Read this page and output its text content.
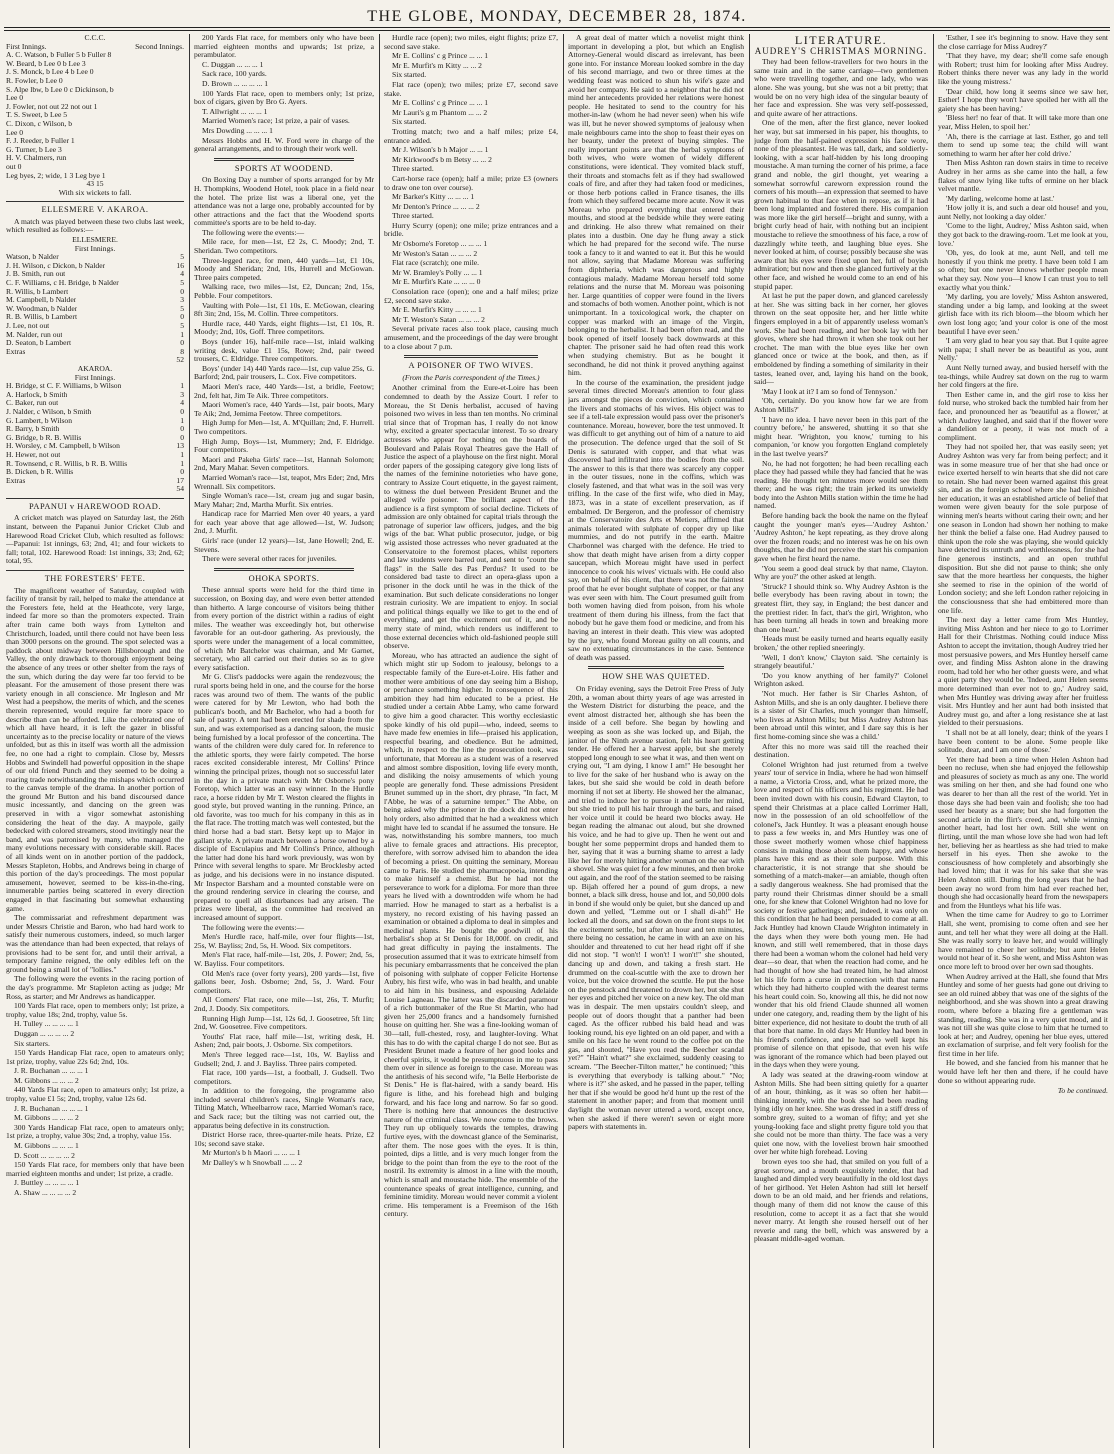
THE GLOBE, MONDAY, DECEMBER 28, 1874.
C.C.C.
First Innings.	Second Innings.
A. C. Watson, b Fuller 5 b Fuller 8
W. Beard, b Lee 0 b Lee 3
J. S. Monck, b Lee 4 b Lee 0
R. Fowler, b Lee 0
S. Alpe lbw, b Lee 0 c Dickinson, b
Lee 0
J. Fowler, not out 22 not out 1
T. S. Sweet, b Lee 5
C. Dixon, c Wilson, b
Lee 0
F. J. Reeder, b Fuller 1
G. Turner, b Lee 3
H. V. Chalmers, run
out 0
Leg byes, 2; wide, 1 3 Leg bye 1
43 15
With six wickets to fall.
ELLESMERE V. AKAROA.

A match was played between these two clubs last week, which resulted as follows:—

ELLESMERE.
First Innings.
Watson, b Nalder	5
J. H. Wilson, c Dickon, b Nalder	16
J. B. Smith, run out	4
C. F. Williams, c H. Bridge, b Nalder	5
R. Willis, b Lambert	0
M. Campbell, b Nalder	3
W. Woodman, b Nalder	5
R. B. Willis, b Lambert	0
J. Lee, not out	5
M. Nalder, run out	1
D. Seaton, b Lambert	0
Extras	8
52
AKAROA.
First Innings.
H. Bridge, st C. F. Williams, b Wilson	1
A. Harlock, b Smith	3
C. Baker, run out	4
J. Nalder, c Wilson, b Smith	0
G. Lambert, b Wilson	1
R. Barry, b Smith	0
G. Bridge, b R. B. Willis	0
H. Worsley, c M. Campbell, b Wilson	13
H. Hewer, not out	1
R. Townsend, c R. Willis, b R. B. Willis	1
B. Dicken, b R. Willis	0
Extras	17
54
PAPANUI v HAREWOOD ROAD.

A cricket match was played on Saturday last, the 26th instant, between the Papanui Junior Cricket Club and Harewood Road Cricket Club, which resulted as follows:—Papanui: 1st innings, 63; 2nd, 41; and four wickets to fall; total, 102. Harewood Road: 1st innings, 33; 2nd, 62; total, 95.

THE FORESTERS' FETE.

The magnificent weather of Saturday, coupled with facility of transit by rail, helped to make the attendance at the Foresters fete, held at the Heathcote, very large, indeed far more so than the promoters expected. Train after train came both ways from Lyttelton and Christchurch, loaded, until there could not have been less than 3000 persons on the ground. The spot selected was a paddock about midway between Hillsborough and the Valley, the only drawback to thorough enjoyment being the absence of any trees or other shelter from the rays of the sun, which during the day were far too fervid to be pleasant. For the amusement of those present there was variety enough in all conscience. Mr Ingleson and Mr West had a peepshow, the merits of which, and the scenes therein represented, would require far more space to describe than can be afforded. Like the celebrated one of which all have heard, it is left the gazer in blissful uncertainty as to the precise locality or nature of the views unfolded, but as this in itself was worth all the admission fee, no one had a right to complain. Close by, Messrs Hobbs and Swindell had powerful opposition in the shape of our old friend Punch and they seemed to be doing a roaring trade notwithstanding the mishaps which occurred to the canvas temple of the drama. In another portion of the ground Mr Button and his band discoursed dance music incessantly, and dancing on the green was preserved in with a vigor somewhat astonishing considering the heat of the day. A maypole, gaily bedecked with colored streamers, stood invitingly near the band, and was patronised by many, who managed the many evolutions necessary with considerable skill. Races of all kinds went on in another portion of the paddock, Messrs Stapleton, Hobbs, and Andrews being in charge of this portion of the day's proceedings. The most popular amusement, however, seemed to be kiss-in-the-ring, innumerable parties being scattered in every direction engaged in that fascinating but somewhat exhausting game.

The commissariat and refreshment department was under Messrs Christie and Baron, who had hard work to satisfy their numerous customers, indeed, so much larger was the attendance than had been expected, that relays of provisions had to be sent for, and until their arrival, a temporary famine reigned, the only edibles left on the ground being a small lot of "lollies."

The following were the events in the racing portion of the day's programme. Mr Stapleton acting as judge; Mr Ross, as starter; and Mr Andrews as handicapper.

100 Yards Flat race, open to members only; 1st prize, a trophy, value 18s; 2nd, trophy, value 5s.

H. Tulley ... ... ... ... 1

Duggan ... ... ... ... 2

Six starters.

150 Yards Handicap Flat race, open to amateurs only; 1st prize, trophy, value 22s 6d; 2nd, 10s.

J. R. Buchanan ... ... ... 1

M. Gibbons ... ... ... 2

440 Yards Flat race, open to amateurs only; 1st prize, a trophy, value £1 5s; 2nd, trophy, value 12s 6d.

J. R. Buchanan ... ... ... 1

M. Gibbons ... ... ... 2

300 Yards Handicap Flat race, open to amateurs only; 1st prize, a trophy, value 30s; 2nd, a trophy, value 15s.

M. Gibbons ... ... ... 1

D. Scott ... ... ... ... 2

150 Yards Flat race, for members only that have been married eighteen months and under; 1st prize, a cradle.

J. Buttley ... ... ... ... 1

A. Shaw ... ... ... ... 2

200 Yards Flat race, for members only who have been married eighteen months and upwards; 1st prize, a perambulator.

C. Duggan ... ... ... 1

Sack race, 100 yards.

D. Brown ... ... ... ... 1

100 Yards Flat race, open to members only; 1st prize, box of cigars, given by Bro G. Ayers.

T. Allwright ... ... ... 1

Married Women's race; 1st prize, a pair of vases.

Mrs Dowding ... ... ... 1

Messrs Hobbs and H. W. Ford were in charge of the general arrangements, and to through their work well.

SPORTS AT WOODEND.

On Boxing Day a number of sports arranged for by Mr H. Thompkins, Woodend Hotel, took place in a field near the hotel. The prize list was a liberal one, yet the attendance was not a large one, probably accounted for by other attractions and the fact that the Woodend sports committee's sports are to be held to-day.

The following were the events:—

Mile race, for men—1st, £2 2s, C. Moody; 2nd, T. Sheridan. Two competitors.

Three-legged race, for men, 440 yards—1st, £1 10s, Moody and Sheridan; 2nd, 10s, Hurrell and McGowan. Three pairs competed.

Walking race, two miles—1st, £2, Duncan; 2nd, 15s, Pebble. Four competitors.

Vaulting with Pole—1st, £1 10s, E. McGowan, clearing 8ft 3in; 2nd, 15s, M. Collin. Three competitors.

Hurdle race, 440 Yards, eight flights—1st, £1 10s, R. Moody; 2nd, 10s, Goff. Three competitors.

Boys (under 16), half-mile race—1st, inlaid walking writing desk, value £1 15s, Rowe; 2nd, pair tweed trousers, C. Eldridge. Three competitors.

Boys' (under 14) 440 Yards race—1st, cup value 25s, G. Barford; 2nd, pair trousers, L. Cox. Five competitors.

Maori Men's race, 440 Yards—1st, a bridle, Feetow; 2nd, felt hat, Jim Te Aik. Three competitors.

Maori Women's race, 440 Yards—1st, pair boots, Mary Te Aik; 2nd, Jemima Feetow. Three competitors.

High Jump for Men—1st, A. M'Quillan; 2nd, F. Hurrell. Two competitors.

High Jump, Boys—1st, Mummery; 2nd, F. Eldridge. Four competitors.

Maori and Pakeha Girls' race—1st, Hannah Solomon; 2nd, Mary Mahar. Seven competitors.

Married Woman's race—1st, teapot, Mrs Eder; 2nd, Mrs Wrennall. Six competitors.

Single Woman's race—1st, cream jug and sugar basin, Mary Mahar; 2nd, Martha Murfit. Six entries.

Handicap race for Married Men over 40 years, a yard for each year above that age allowed—1st, W. Judson; 2nd, J. Murfit.

Girls' race (under 12 years)—1st, Jane Howell; 2nd, E. Stevens.

There were several other races for juveniles.

OHOKA SPORTS.

These annual sports were held for the third time in succession, on Boxing day, and were even better attended than hitherto. A large concourse of visitors being thither from every portion of the district within a radius of eight miles. The weather was exceedingly hot, but otherwise favorable for an out-door gathering. As previously, the sports were under the management of a local committee, of which Mr Batchelor was chairman, and Mr Garnet, secretary, who all carried out their duties so as to give every satisfaction.

Mr G. Clist's paddocks were again the rendezvous; the rural sports being held in one, and the course for the horse races was around two of them. The wants of the public were catered for by Mr Lewton, who had both the publican's booth, and Mr Bachelor, who had a booth for sale of pastry. A tent had been erected for shade from the sun, and was extemporised as a dancing saloon, the music being furnished by a local professor of the concertina. The wants of the children were duly cared for. In reference to the athletic sports, they were fairly competed. The horse races excited considerable interest, Mr Collins' Prince winning the principal prizes, though not so successful later in the day in a private match with Mr Osborne's pony Foretop, which latter was an easy winner. In the Hurdle race, a horse ridden by Mr T. Weston cleared the flights in good style, but proved wanting in the running. Prince, an old favorite, was too much for his company in this as in the flat race. The trotting match was well contested, but the third horse had a bad start. Betsy kept up to Major in gallant style. A private match between a horse owned by a disciple of Esculapius and Mr Collins's Prince, although the latter had done his hard work previously, was won by Prince with several lengths to spare. Mr Brocklesby acted as judge, and his decisions were in no instance disputed. Mr Inspector Barsham and a mounted constable were on the ground rendering service in clearing the course, and prepared to quell all disturbances had any arisen. The prizes were liberal, as the committee had received an increased amount of support.

The following were the events:—

Men's Hurdle race, half-mile, over four flights—1st, 25s, W. Bayliss; 2nd, 5s, H. Wood. Six competitors.

Men's Flat race, half-mile—1st, 20s, J. Power; 2nd, 5s, W. Bayliss. Four competitors.

Old Men's race (over forty years), 200 yards—1st, five gallons beer, Josh. Osborne; 2nd, 5s, J. Ward. Four competitors.

All Comers' Flat race, one mile—1st, 26s, T. Murfit; 2nd, J. Doody. Six competitors.

Running High Jump—1st, 12s 6d, J. Goosetree, 5ft 1in; 2nd, W. Goosetree. Five competitors.

Youths' Flat race, half mile—1st, writing desk, H. Ashen; 2nd, pair boots, J. Osborne. Six competitors.

Men's Three legged race—1st, 10s, W. Bayliss and Gudsell; 2nd, J. and J. Bayliss. Three pairs competed.

Flat race, 100 yards—1st, a football, J. Gudsell. Two competitors.

In addition to the foregoing, the programme also included several children's races, Single Woman's race, Tilting Match, Wheelbarrow race, Married Woman's race, and Sack race; but the tilting was not carried out, the apparatus being defective in its construction.

District Horse race, three-quarter-mile heats. Prize, £2 10s; second save stake.

Mr Murton's b h Maori ... ... ... 1

Mr Dalley's w h Snowball ... ... 2

Hurdle race (open); two miles, eight flights; prize £7, second save stake.

Mr E. Collins' c g Prince ... ... 1

Mr E. Murfit's m Kitty ... ... 2

Six started.

Flat race (open); two miles; prize £7, second save stake.

Mr E. Collins' c g Prince ... ... 1

Mr Lauri's g m Phantom ... ... 2

Six started.

Trotting match; two and a half miles; prize £4, entrance added.

Mr J. Wilson's b h Major ... ... 1

Mr Kirkwood's b m Betsy ... ... 2

Three started.

Cart-horse race (open); half a mile; prize £3 (owners to draw one ton over course).

Mr Barker's Kitty ... ... ... 1

Mr Denton's Prince ... ... ... 2

Three started.

Hurry Scurry (open); one mile; prize entrances and a bridle.

Mr Osborne's Foretop ... ... ... 1

Mr Weston's Satan ... ... ... 2

Flat race (scratch); one mile.

Mr W. Bramley's Polly ... ... 1

Mr E. Murfit's Kate ... ... ... 0

Consolation race (open); one and a half miles; prize £2, second save stake.

Mr E. Murfit's Kitty ... ... ... 1

Mr T. Weston's Satan ... ... ... 2

Several private races also took place, causing much amusement, and the proceedings of the day were brought to a close about 7 p.m.

A POISONER OF TWO WIVES.
(From the Paris correspondent of the Times.)

Another criminal from the Eure-et-Loire has been condemned to death by the Assize Court. I refer to Moreau, the St Denis herbalist, accused of having poisoned two wives in less than ten months. No criminal trial since that of Tropman has, I really do not know why, excited a greater spectacular interest. To so dreary actresses who appear for nothing on the boards of Boulevard and Palais Royal Theatres gave the Hall of Justice the aspect of a playhouse on the first night. Moral order papers of the gossiping category give long lists of the names of the feminine notorieties who have gone, contrary to Assize Court etiquette, in the gayest raiment, to witness the duel between President Brunet and the alleged wife poisoner. The brilliant aspect of the audience is a first symptom of social decline. Tickets of admission are only obtained for capital trials through the patronage of superior law officers, judges, and the big wigs of the bar. What public prosecutor, judge, or big wig assisted those actresses who never graduated at the Conservatoire to the foremost places, whilst reporters and law students were barred out, and sent to "count the flags" in the Salle des Pas Perdus? It used to be considered bad taste to direct an opera-glass upon a prisoner in the dock until he was in the thick of the examination. But such delicate considerations no longer restrain curiosity. We are impatient to enjoy. In social and political things equally we like to get to the end of everything, and get the excitement out of it, and be merry state of mind, which renders us indifferent to those external decencies which old-fashioned people still observe.

Moreau, who has attracted an audience the sight of which might stir up Sodom to jealousy, belongs to a respectable family of the Eure-et-Loire. His father and mother were ambitious of one day seeing him a Bishop, or perchance something higher. In consequence of this ambition they had him educated to be a priest. He studied under a certain Abbe Lamy, who came forward to give him a good character. This worthy ecclesiastic spoke kindly of his old pupil—who, indeed, seems to have made few enemies in life—praised his application, respectful bearing, and obedience. But he admitted, which, in respect to the line the prosecution took, was unfortunate, that Moreau as a student was of a reserved and almost sombre disposition, loving life every month, and disliking the noisy amusements of which young people are generally fond. These admissions President Brunet summed up in the short, dry phrase, "In fact, M l'Abbe, he was of a saturnine temper." The Abbe, on being asked why the prisoner in the dock did not enter holy orders, also admitted that he had a weakness which might have led to scandal if he assumed the tonsure. He was, notwithstanding his sombre manners, too much alive to female graces and attractions. His preceptor, therefore, with sorrow advised him to abandon the idea of becoming a priest. On quitting the seminary, Moreau came to Paris. He studied the pharmacopoeia, intending to make himself a chemist. But he had not the perseverance to work for a diploma. For more than three years he lived with a downtrodden wife whom he had married. How he managed to start as a herbalist is a mystery, no record existing of his having passed an examination or obtained a diploma to deal in simples and medicinal plants. He bought the goodwill of his herbalist's shop at St Denis for 18,000f. on credit, and had great difficulty in paying the instalments. The prosecution assumed that it was to extricate himself from his pecuniary embarrassments that he conceived the plan of poisoning with sulphate of copper Felicite Hortense Aubry, his first wife, who was in bad health, and unable to aid him in his business, and espousing Adelaide Louise Lagneau. The latter was the discarded paramour of a rich buttonmaker of the Rue St Martin, who had given her 25,000 francs and a handsomely furnished house on quitting her. She was a fine-looking woman of 30—tall, full-chested, rosy, and laughter-loving. What this has to do with the capital charge I do not see. But as President Brunet made a feature of her good looks and cheerful spirits, it would be presumptuous in me to pass them over in silence as foreign to the case. Moreau was the antithesis of his second wife, "la Belle Herboriste de St Denis." He is flat-haired, with a sandy beard. His figure is lithe, and his forehead high and bulging forward, and his face long and narrow. So far so good. There is nothing here that announces the destructive nature of the criminal class. We now come to the brows. They run up obliquely towards the temples, drawing furtive eyes, with the downcast glance of the Seminarist, after them. The nose goes with the eyes. It is thin, pointed, dips a little, and is very much longer from the bridge to the point than from the eye to the root of the nostril. Its extremity is almost in a line with the mouth, which is small and moustache hide. The ensemble of the countenance speaks of great intelligence, cunning, and feminine timidity. Moreau would never commit a violent crime. His temperament is a Freemison of the 16th century.

A great deal of matter which a novelist might think important in developing a plot, but which an English Attorney-General would discard as irrelevant, has been gone into. For instance Moreau looked sombre in the day of his second marriage, and two or three times at the wedding feast was noticed to shun his wife's gaze and avoid her company. He said to a neighbor that he did not mind her antecedents provided her relations were honest people. He hesitated to send to the country for his mother-in-law (whom he had never seen) when his wife was ill, but he never showed symptoms of jealousy when male neighbours came into the shop to feast their eyes on her beauty, under the pretext of buying simples. The really important points are that the herbal symptoms of both wives, who were women of widely different constitutions, were identical. They vomited black stuff, their throats and stomachs felt as if they had swallowed coals of fire, and after they had taken food or medicines, or those herb potions called in France tisanes, the ills from which they suffered became more acute. Now it was Moreau who prepared everything that entered their mouths, and stood at the bedside while they were eating and drinking. He also threw what remained on their plates into a dustbin. One day he flung away a stick which he had prepared for the second wife. The nurse took a fancy to it and wanted to eat it. But this he would not allow, saying that Madame Moreau was suffering from diphtheria, which was dangerous and highly contagious malady. Madame Moreau herself told some relations and the nurse that M. Moreau was poisoning her. Large quantities of copper were found in the livers and stomachs of both women. Another point, which is not unimportant. In a toxicological work, the chapter on copper was marked with an image of the Virgin, belonging to the herbalist. It had been often read, and the book opened of itself loosely back downwards at this chapter. The prisoner said he had often read this work when studying chemistry. But as he bought it secondhand, he did not think it proved anything against him.

In the course of the examination, the president judge several times directed Moreau's attention to four glass jars amongst the pieces de conviction, which contained the livers and stomachs of his wives. His object was to see if a tell-tale expression would pass over the prisoner's countenance. Moreau, however, bore the test unmoved. It was difficult to get anything out of him of a nature to aid the prosecution. The defence urged that the soil of St Denis is saturated with copper, and that what was discovered had infiltrated into the bodies from the soil. The answer to this is that there was scarcely any copper in the outer tissues, none in the coffins, which was closely fastened, and that what was in the soil was very trifling. In the case of the first wife, who died in May, 1873, was in a state of excellent preservation, as if embalmed. Dr Bergeron, and the professor of chemistry at the Conservatoire des Arts et Metiers, affirmed that animals tolerated with sulphate of copper dry up like mummies, and do not putrify in the earth. Maitre Charbonnel was charged with the defence. He tried to show that death might have arisen from a dirty copper saucepan, which Moreau might have used in perfect innocence to cook his wives' victuals with. He could also say, on behalf of his client, that there was not the faintest proof that he ever bought sulphate of copper, or that any was ever seen with him. The Court presumed guilt from both women having died from poison, from his whole treatment of them during his illness, from the fact that nobody but he gave them food or medicine, and from his having an interest in their death. This view was adopted by the jury, who found Moreau guilty on all counts, and saw no extenuating circumstances in the case. Sentence of death was passed.

HOW SHE WAS QUIETED.

On Friday evening, says the Detroit Free Press of July 20th, a woman about thirty years of age was arrested in the Western District for disturbing the peace, and the event almost distracted her, although she has been the inside of a cell before. She began by howling and weeping as soon as she was locked up, and Bijah, the janitor of the Ninth avenue station, felt his heart getting tender. He offered her a harvest apple, but she merely stopped long enough to see what it was, and then went on crying out, "I am dying, I know I am!" He besought her to live for the sake of her husband who is away on the lakes, but she said she would be cold in death before morning if not set at liberty. He showed her the almanac, and tried to induce her to pursue it and settle her mind, but she tried to pull his hair through the bars, and raised her voice until it could be heard two blocks away. He began reading the almanac out aloud, but she drowned his voice, and he had to give up. Then he went out and bought her some peppermint drops and handed them to her, saying that it was a burning shame to arrest a lady like her for merely hitting another woman on the ear with a shovel. She was quiet for a few minutes, and then broke out again, and the roof of the station seemed to be raising up. Bijah offered her a pound of gum drops, a new bonnet, a black silk dress, house and lot, and 50,000 dols in bond if she would only be quiet, but she danced up and down and yelled, "Lemme out or I shall di-ah!" He locked all the doors, and sat down on the front steps to let the excitement settle, but after an hour and ten minutes, there being no cessation, he came in with an axe on his shoulder and threatened to cut her head right off if she did not stop. "I won't! I won't! I won't!" she shouted, dancing up and down, and taking a fresh start. He drummed on the coal-scuttle with the axe to drown her voice, but the voice drowned the scuttle. He put the hose on the penstock and threatened to drown her, but she shut her eyes and pitched her voice on a new key. The old man was in despair. The men upstairs couldn't sleep, and people out of doors thought that a panther had been caged. As the officer rubbed his bald head and was looking round, his eye lighted on an old paper, and with a smile on his face he went round to the coffee pot on the gas, and shouted, "Have you read the Beecher scandal yet?" "Hain't what?" she exclaimed, suddenly ceasing to scream. "The Beecher-Tilton matter," he continued; "this is everything that everybody is talking about." "No; where is it?" she asked, and he passed in the paper, telling her that if she would be good he'd hunt up the rest of the statement in another paper; and from that moment until daylight the woman never uttered a word, except once, when she asked if there weren't seven or eight more papers with statements in.

LITERATURE.
AUDREY'S CHRISTMAS MORNING.

They had been fellow-travellers for two hours in the same train and in the same carriage—two gentlemen who were travelling together, and one lady, who was alone. She was young, but she was not a bit pretty; that would be on no very high idea of the singular beauty of her face and expression. She was very self-possessed, and quite aware of her attractions.

One of the men, after the first glance, never looked her way, but sat immersed in his paper, his thoughts, to judge from the half-pained expression his face wore, none of the pleasantest. He was tall, dark, and soldierly-looking, with a scar half-hidden by his long drooping moustache. A man turning the corner of his prime, a face grand and noble, the girl thought, yet wearing a somewhat sorrowful careworn expression round the corners of his mouth—an expression that seemed to have grown habitual to that face when in repose, as if it had been long implanted and fostered there. His companion was more like the girl herself—bright and sunny, with a bright curly head of hair, with nothing but an incipient moustache to relieve the smoothness of his face, a row of dazzlingly white teeth, and laughing blue eyes. She never looked at him, of course; possibly because she was aware that his eyes were fixed upon her, full of boyish admiration; but now and then she glanced furtively at the other face, and wished he would come to an end of his stupid paper.

At last he put the paper down, and glanced carelessly at her. She was sitting back in her corner, her gloves thrown on the seat opposite her, and her little white fingers employed in a bit of apparently useless woman's work. She had been reading, and her book lay with her gloves, where she had thrown it when she took out her crochet. The man with the blue eyes like her own glanced once or twice at the book, and then, as if emboldened by finding a something of similarity in their tastes, leaned over, and, laying his hand on the book, said—

'May I look at it? I am so fond of Tennyson.'

'Oh, certainly. Do you know how far we are from Ashton Mills?'

'I have no idea. I have never been in this part of the country before,' he answered, shutting it so that she might hear. 'Wrighton, you know,' turning to his companion, 'or know you forgotten England completely in the last twelve years?'

No, he had not forgotten; he had been recalling each place they had passed while they had fancied that he was reading. He thought ten minutes more would see them there; and he was right; the train jerked its unwieldy body into the Ashton Mills station within the time he had named.

Before handing back the book the name on the flyleaf caught the younger man's eyes—'Audrey Ashton.' 'Audrey Ashton,' he kept repeating, as they drove along over the frozen roads; and no interest was he on his own thoughts, that he did not perceive the start his companion gave when he first heard the name.

'You seem a good deal struck by that name, Clayton. Why are you?' the other asked at length.

'Struck? I should think so. Why Audrey Ashton is the belle everybody has been raving about in town; the greatest flirt, they say, in England; the best dancer and the prettiest rider. In fact, that's the girl, Wrighton, who has been turning all heads in town and breaking more than one heart.'

'Heads must be easily turned and hearts equally easily broken,' the other replied sneeringly.

'Well, I don't know,' Clayton said. 'She certainly is strangely beautiful.'

'Do you know anything of her family?' Colonel Wrighton asked.

'Not much. Her father is Sir Charles Ashton, of Ashton Mills, and she is an only daughter. I believe there is a sister of Sir Charles, much younger than himself, who lives at Ashton Mills; but Miss Audrey Ashton has been abroad until this winter, and I dare say this is her first home-coming since she was a child.'

After this no more was said till the reached their destination.

Colonel Wrighton had just returned from a twelve years' tour of service in India, where he had won himself a name, a Victoria Cross, and, what he prized more, the love and respect of his officers and his regiment. He had been invited down with his cousin, Edward Clayton, to spend their Christmas at a place called Lorrimer Hall, now in the possession of an old schoolfellow of the colonel's, Jack Huntley. It was a pleasant enough house to pass a few weeks in, and Mrs Huntley was one of those sweet motherly women whose chief happiness consists in making those about them happy, and whose plans have this end as their sole purpose. With this characteristic, it is not strange that she should be something of a match-maker—an amiable, though often a sadly dangerous weakness. She had promised that the party round their Christmas dinner should be a small one, for she knew that Colonel Wrighton had no love for society or festive gatherings; and, indeed, it was only on this condition that he had been persuaded to come at all. Jack Huntley had known Claude Wrighton intimately in the days when they were both young men. He had known, and still well remembered, that in those days there had been a woman whom the colonel had held very dear—so dear, that when the reaction had come, and he had thought of how she had treated him, he had almost let his life form a curse in connection with that name which they had hitherto coupled with the dearest terms his heart could coin. So, knowing all this, he did not now wonder that his old friend Claude shunned all women under one category, and, reading them by the light of his bitter experience, did not hesitate to doubt the truth of all that bore that name. In old days Mr Huntley had been in his friend's confidence, and he had so well kept his promise of silence on that episode, that even his wife was ignorant of the romance which had been played out in the days when they were young.

A lady was seated at the drawing-room window at Ashton Mills. She had been sitting quietly for a quarter of an hour, thinking, as it was so often her habit—thinking intently, with the book she had been reading lying idly on her knee. She was dressed in a stiff dress of sombre grey, suited to a woman of fifty; and yet she young-looking face and slight pretty figure told you that she could not be more than thirty. The face was a very quiet one now, with the loveliest brown hair smoothed over her white high forehead. Loving

brown eyes too she had, that smiled on you full of a great sorrow, and a mouth exquisitely tender, that had laughed and dimpled very beautifully in the old lost days of her girlhood. Yet Helen Ashton had still let herself down to be an old maid, and her friends and relations, though many of them did not know the cause of this resolution, come to accept it as a fact that she would never marry. At length she roused herself out of her reverie and rang the bell, which was answered by a pleasant middle-aged woman.

'Esther, I see it's beginning to snow. Have they sent the close carriage for Miss Audrey?'

'That they have, my dear; she'll come safe enough with Robert; trust him for looking after Miss Audrey. Robert thinks there never was any lady in the world like the young mistress.'

'Dear child, how long it seems since we saw her, Esther! I hope they won't have spoiled her with all the gaiety she has been having.'

'Bless her! no fear of that. It will take more than one year, Miss Helen, to spoil her.'

'Ah, there is the carriage at last. Esther, go and tell them to send up some tea; the child will want something to warm her after her cold drive.'

Then Miss Ashton ran down stairs in time to receive Audrey in her arms as she came into the hall, a few flakes of snow lying like tufts of ermine on her black velvet mantle.

'My darling, welcome home at last.'

'How jolly it is, and such a dear old house! and you, aunt Nelly, not looking a day older.'

'Come to the light, Audrey,' Miss Ashton said, when they got back to the drawing-room. 'Let me look at you, love.'

'Oh, yes, do look at me, aunt Nell, and tell me honestly if you think me pretty. I have been told I am so often; but one never knows whether people mean what they say. Now you—I know I can trust you to tell exactly what you think.'

'My darling, you are lovely,' Miss Ashton answered, standing under a big lamp, and looking at the sweet girlish face with its rich bloom—the bloom which her own lost long ago; 'and your color is one of the most beautiful I have ever seen.'

'I am very glad to hear you say that. But I quite agree with papa; I shall never be as beautiful as you, aunt Nelly.'

Aunt Nelly turned away, and busied herself with the tea-things, while Audrey sat down on the rug to warm her cold fingers at the fire.

Then Esther came in, and the girl rose to kiss her fold nurse, who stroked back the tumbled hair from her face, and pronounced her as 'beautiful as a flower,' at which Audrey laughed, and said that if the flower were a dandelion or a peony, it was not much of a compliment.

They had not spoiled her, that was easily seen; yet Audrey Ashton was very far from being perfect; and it was in some measure true of her that she had once or twice exerted herself to win hearts that she did not care to retain. She had never been warned against this great sin, and as the foreign school where she had finished her education, it was an established article of belief that women were given beauty for the sole purpose of winning men's hearts without caring their own; and her one season in London had shown her nothing to make her think the belief a false one. Had Audrey paused to think upon the role she was playing, she would quickly have detected its untruth and worthlessness, for she had fine generous instincts, and an open truthful disposition. But she did not pause to think; she only saw that the more heartless her conquests, the higher she seemed to rise in the opinion of the world of London society; and she left London rather rejoicing in the consciousness that she had embittered more than one life.

The next day a letter came from Mrs Huntley, inviting Miss Ashton and her niece to go to Lorrimer Hall for their Christmas. Nothing could induce Miss Ashton to accept the invitation, though Audrey tried her most persuasive powers, and Mrs Huntley herself came over, and finding Miss Ashton alone in the drawing room, had told her who her other guests were, and what a quiet party they would be. 'Indeed, aunt Helen seems more determined than ever not to go,' Audrey said, when Mrs Huntley was driving away after her fruitless visit. Mrs Huntley and her aunt had both insisted that Audrey must go, and after a long resistance she at last yielded to their persuasions.

'I shall not be at all lonely, dear; think of the years I have been content to be alone. Some people like solitude, dear, and I am one of those.'

Yet there had been a time when Helen Ashton had been no recluse, when she had enjoyed the fellowship and pleasures of society as much as any one. The world was smiling on her then, and she had found one who was dearer to her than all the rest of the world. Yet in those days she had been vain and foolish; she too had used her beauty as a snare; but she had forgotten the second article in the flirt's creed, and, while winning another heart, had lost her own. Still she went on flirting, until the man whose love she had won had left her, believing her as heartless as she had tried to make herself in his eyes. Then she awoke to the consciousness of how completely and absorbingly she had loved him; that it was for his sake that she was Helen Ashton still. During the long years that he had been away no word from him had ever reached her, though she had occasionally heard from the newspapers and from the Huntleys what his life was.

When the time came for Audrey to go to Lorrimer Hall, she went, promising to come often and see her aunt, and tell her what they were all doing at the Hall. She was really sorry to leave her, and would willingly have remained to cheer her solitude; but aunt Helen would not hear of it. So she went, and Miss Ashton was once more left to brood over her own sad thoughts.

When Audrey arrived at the Hall, she found that Mrs Huntley and some of her guests had gone out driving to see an old ruined abbey that was one of the sights of the neighborhood, and she was shown into a great drawing room, where before a blazing fire a gentleman was standing, reading. She was in a very quiet mood, and it was not till she was quite close to him that he turned to look at her; and Audrey, opening her blue eyes, uttered an exclamation of surprise, and felt very foolish for the first time in her life.

He bowed, and she fancied from his manner that he would have left her then and there, if he could have done so without appearing rude.

To be continued.
